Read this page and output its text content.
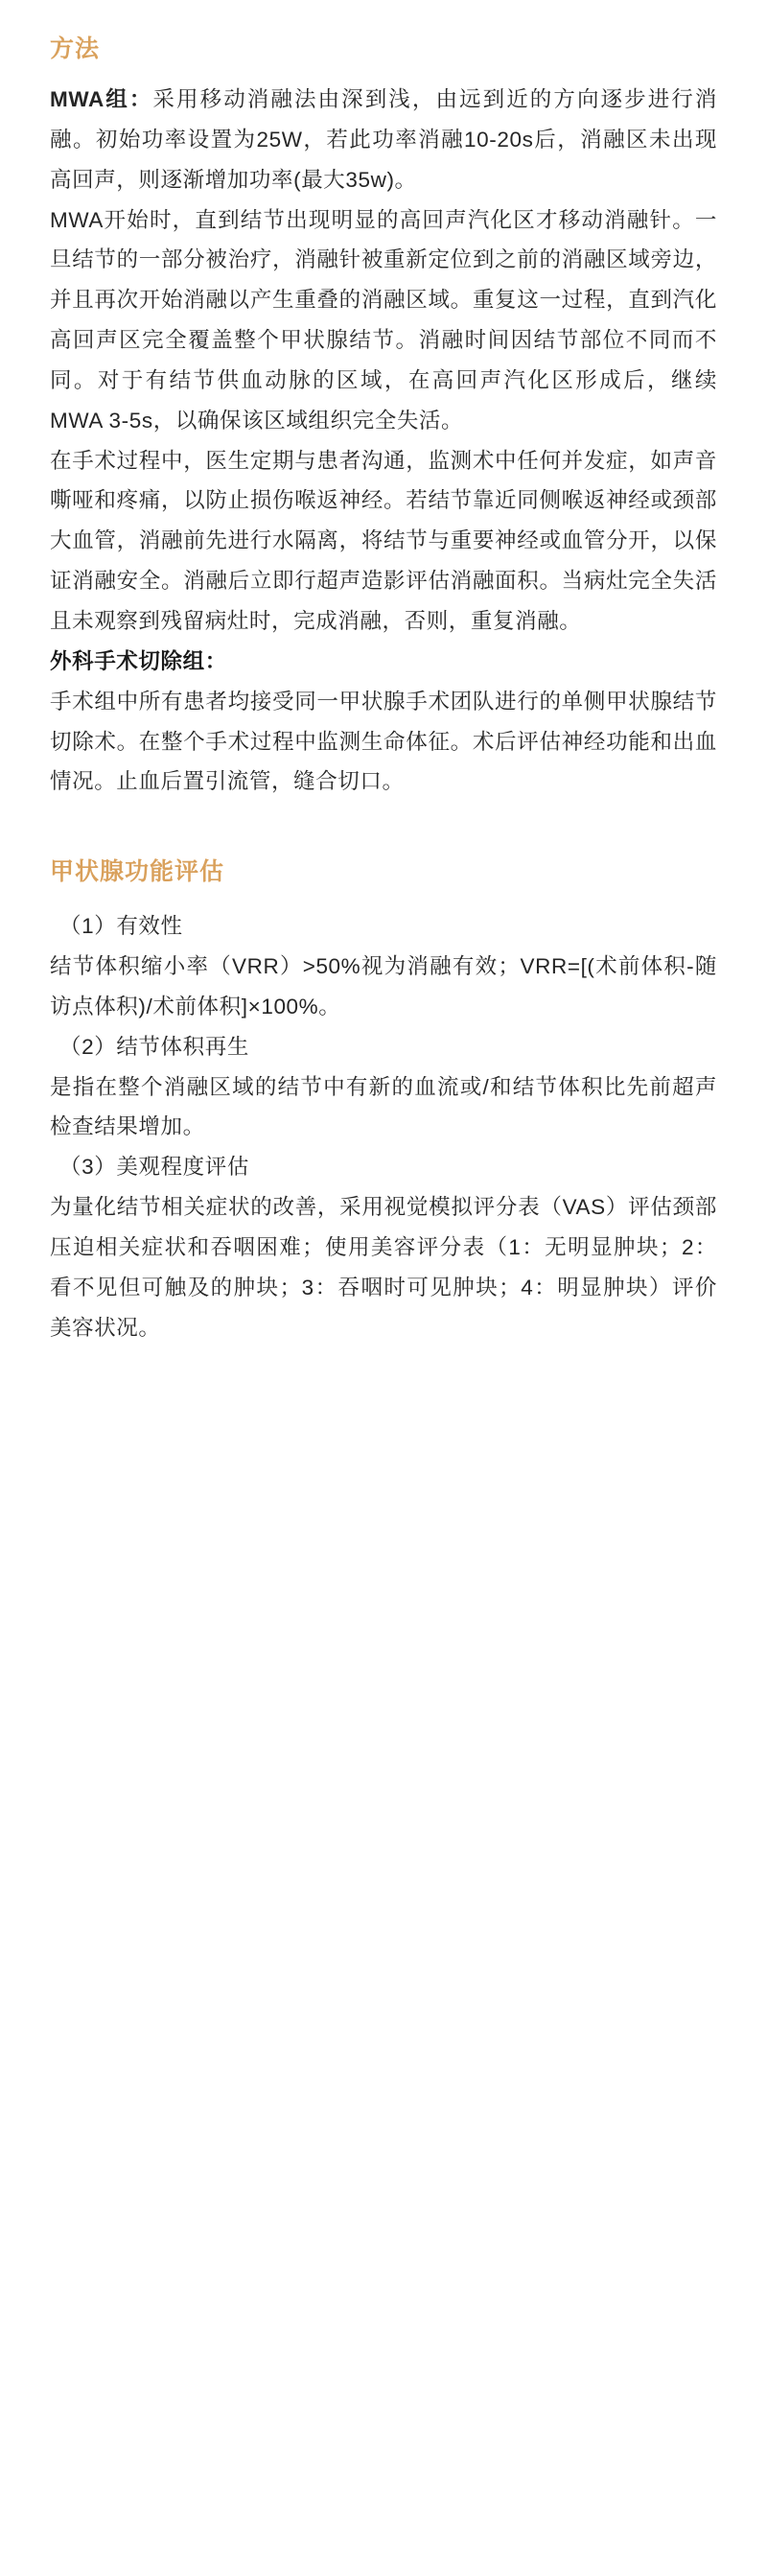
方法

MWA组：采用移动消融法由深到浅，由远到近的方向逐步进行消融。初始功率设置为25W，若此功率消融10-20s后，消融区未出现高回声，则逐渐增加功率(最大35w)。

MWA开始时，直到结节出现明显的高回声汽化区才移动消融针。一旦结节的一部分被治疗，消融针被重新定位到之前的消融区域旁边，并且再次开始消融以产生重叠的消融区域。重复这一过程，直到汽化高回声区完全覆盖整个甲状腺结节。消融时间因结节部位不同而不同。对于有结节供血动脉的区域，在高回声汽化区形成后，继续MWA 3-5s，以确保该区域组织完全失活。

在手术过程中，医生定期与患者沟通，监测术中任何并发症，如声音嘶哑和疼痛，以防止损伤喉返神经。若结节靠近同侧喉返神经或颈部大血管，消融前先进行水隔离，将结节与重要神经或血管分开，以保证消融安全。消融后立即行超声造影评估消融面积。当病灶完全失活且未观察到残留病灶时，完成消融，否则，重复消融。

外科手术切除组：

手术组中所有患者均接受同一甲状腺手术团队进行的单侧甲状腺结节切除术。在整个手术过程中监测生命体征。术后评估神经功能和出血情况。止血后置引流管，缝合切口。

甲状腺功能评估

（1）有效性

结节体积缩小率（VRR）>50%视为消融有效；VRR=[(术前体积-随访点体积)/术前体积]×100%。

（2）结节体积再生

是指在整个消融区域的结节中有新的血流或/和结节体积比先前超声检查结果增加。

（3）美观程度评估

为量化结节相关症状的改善，采用视觉模拟评分表（VAS）评估颈部压迫相关症状和吞咽困难；使用美容评分表（1：无明显肿块；2：看不见但可触及的肿块；3：吞咽时可见肿块；4：明显肿块）评价美容状况。
